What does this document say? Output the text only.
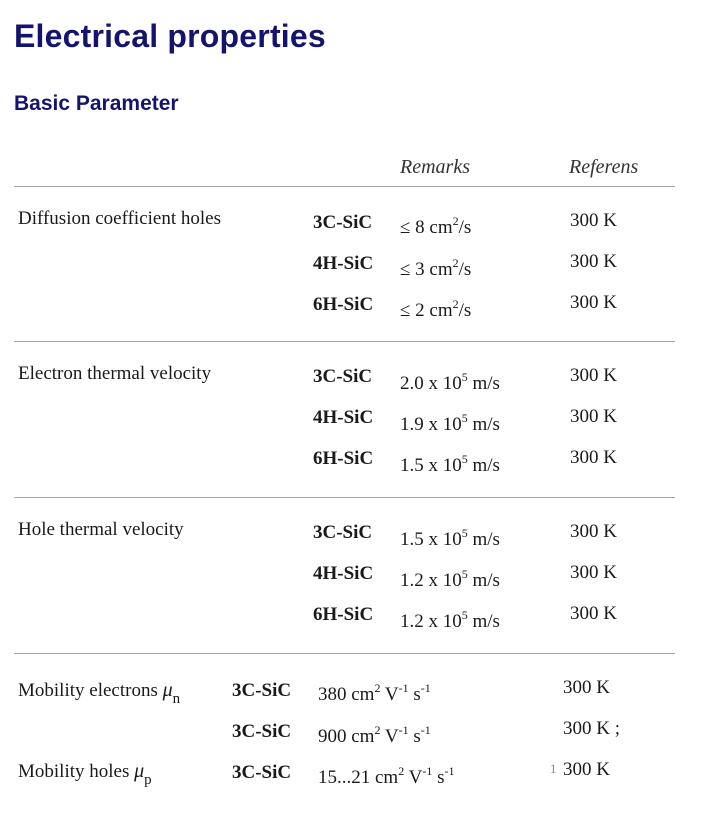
Electrical properties
Basic Parameter
Remarks	Referens
Diffusion coefficient holes	3C-SiC ≤ 8 $cm^2/s$	300 K
4H-SiC ≤ 3 $cm^2/s$	300 K
6H-SiC ≤ 2 $cm^2/s$	300 K
Electron thermal velocity	3C-SiC 2.0 x $10^5$ m/s	300 K
4H-SiC 1.9 x $10^5$ m/s	300 K
6H-SiC 1.5 x $10^5$ m/s	300 K
Hole thermal velocity	3C-SiC 1.5 x $10^5$ m/s	300 K
4H-SiC 1.2 x $10^5$ m/s	300 K
6H-SiC 1.2 x $10^5$ m/s	300 K
Mobility electrons $\mu_n$	3C-SiC 380 $cm^2$ $V^{-1}$ $s^{-1}$	300 K
3C-SiC 900 $cm^2$ $V^{-1}$ $s^{-1}$	300 K ;
Mobility holes $\mu_p$	3C-SiC 15...21 $cm^2$ $V^{-1}$ $s^{-1}$	1 300 K
